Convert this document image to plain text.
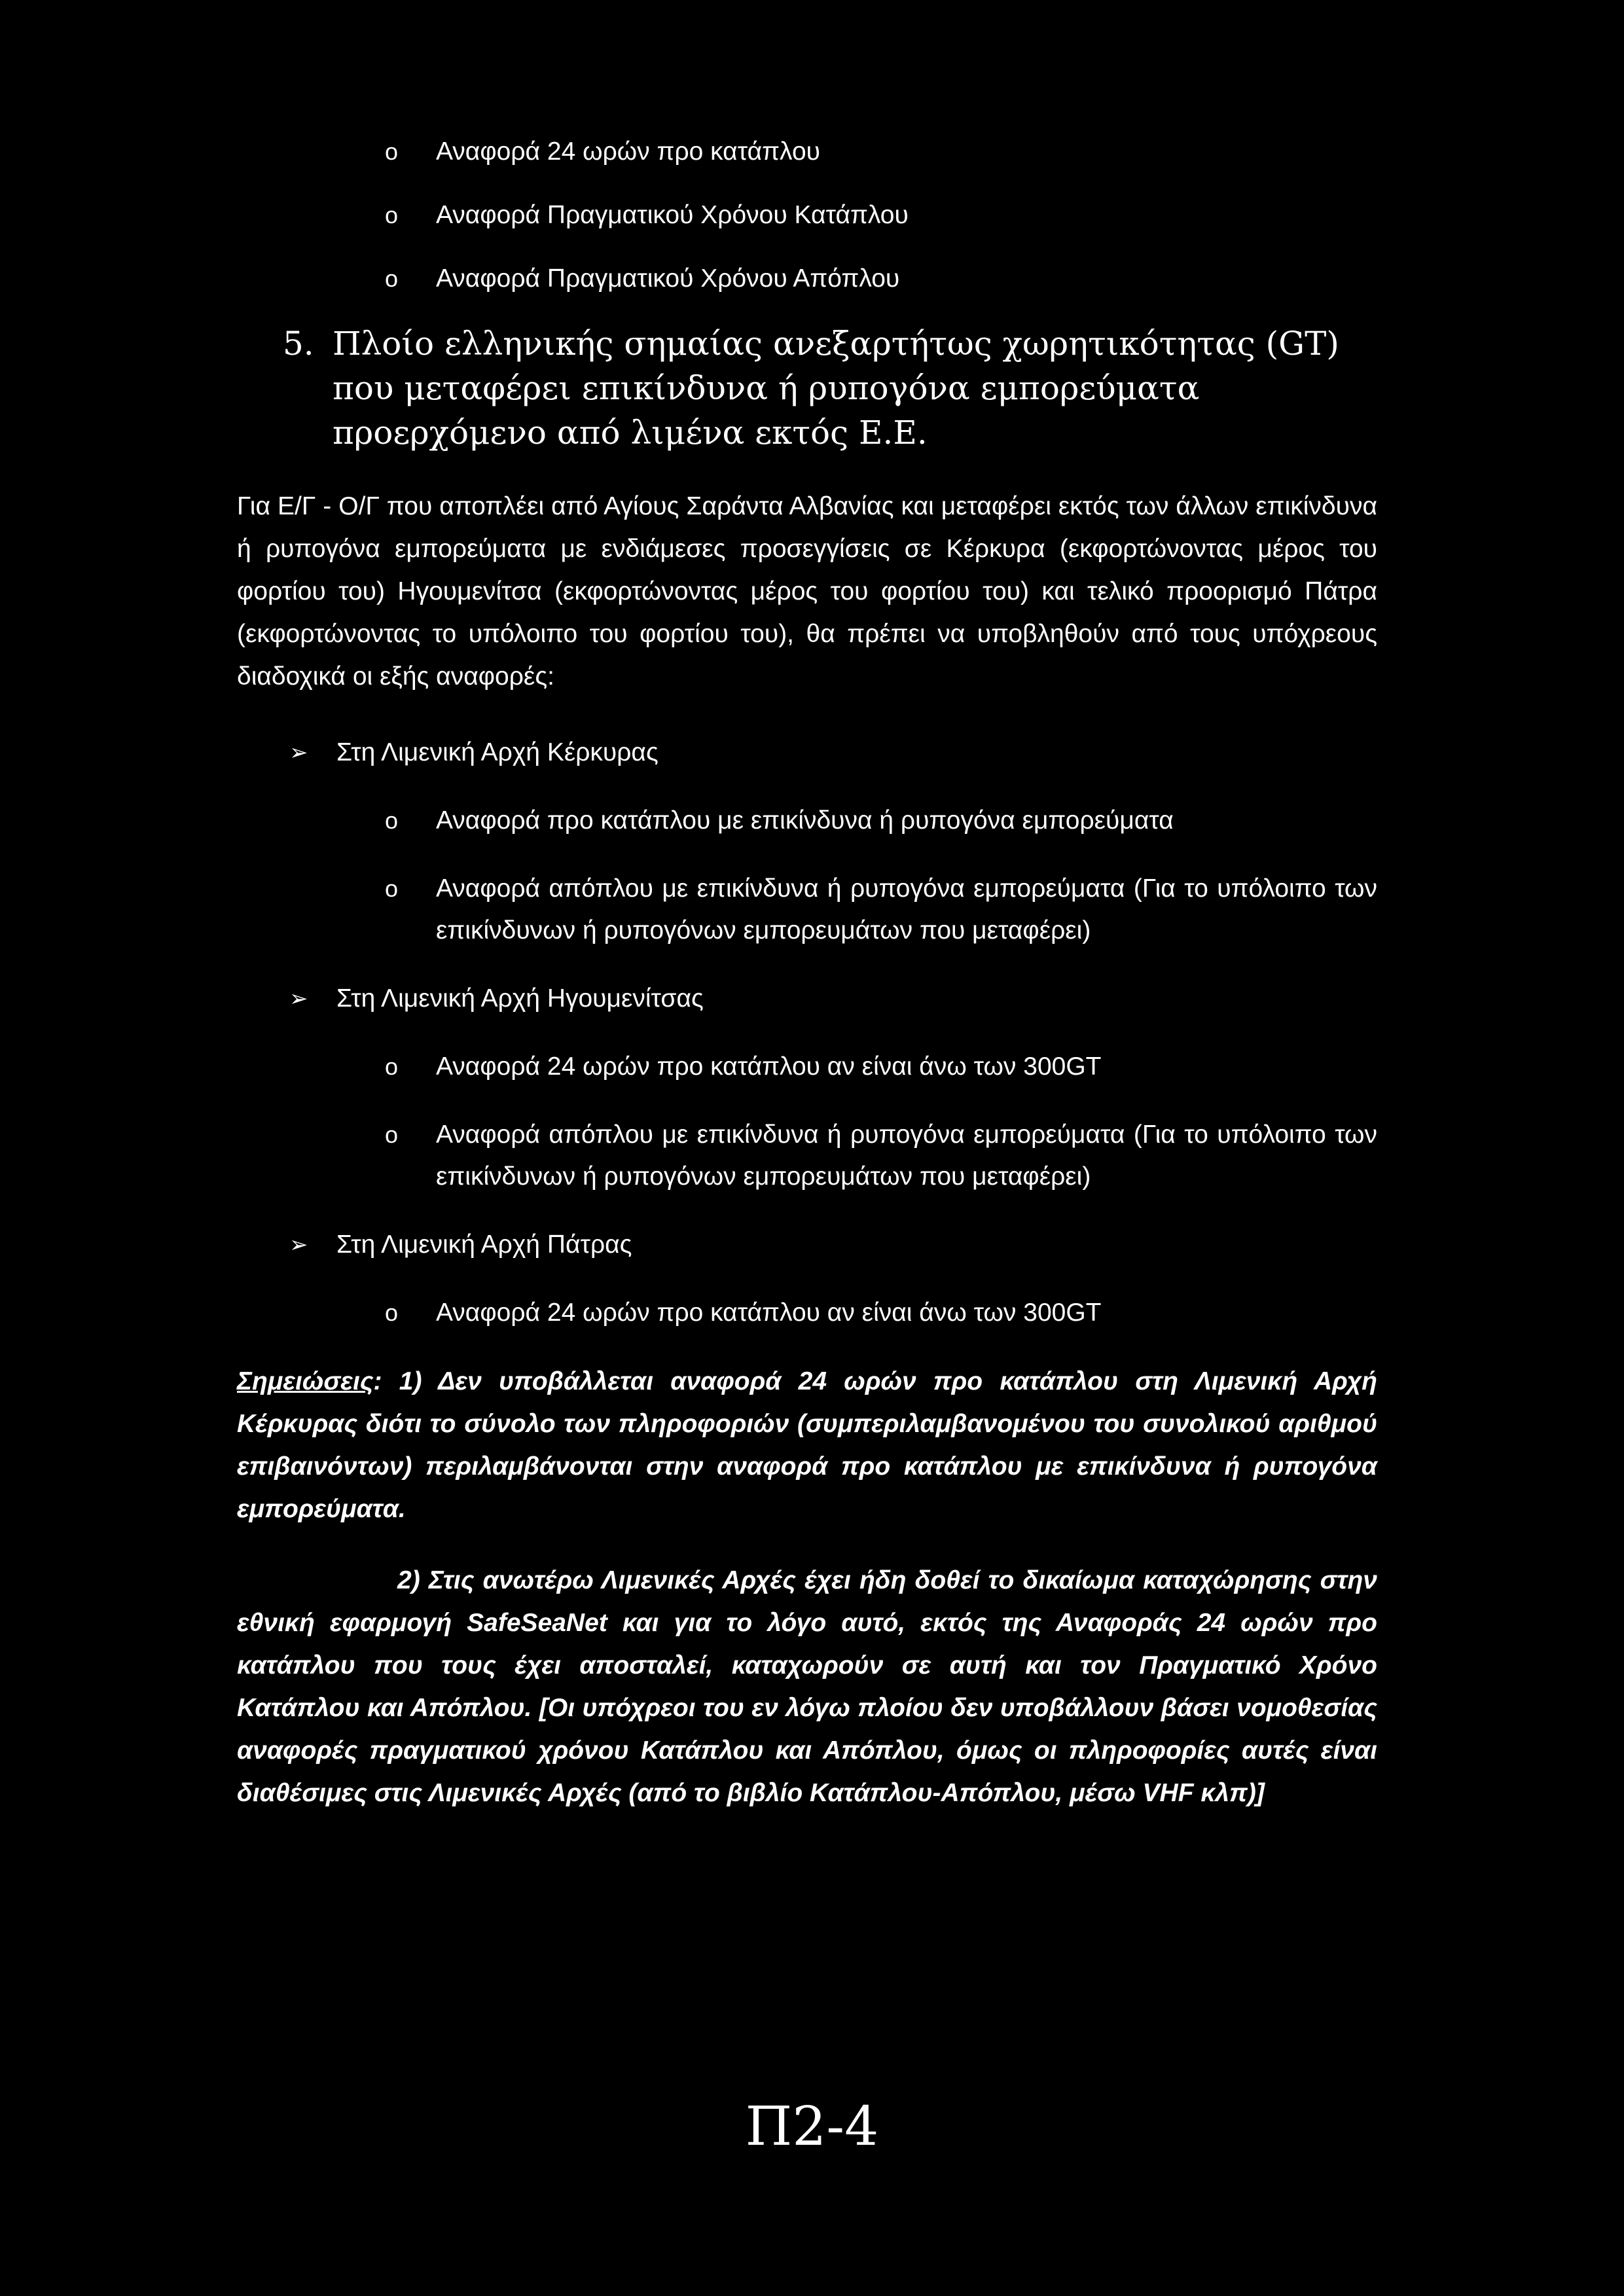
o Αναφορά 24 ωρών προ κατάπλου
o Αναφορά Πραγματικού Χρόνου Κατάπλου
o Αναφορά Πραγματικού Χρόνου Απόπλου
5. Πλοίο ελληνικής σημαίας ανεξαρτήτως χωρητικότητας (GT)
που μεταφέρει επικίνδυνα ή ρυπογόνα εμπορεύματα
προερχόμενο από λιμένα εκτός Ε.Ε.
Για Ε/Γ - Ο/Γ που αποπλέει από Αγίους Σαράντα Αλβανίας και μεταφέρει εκτός των άλλων επικίνδυνα ή ρυπογόνα εμπορεύματα με ενδιάμεσες προσεγγίσεις σε Κέρκυρα (εκφορτώνοντας μέρος του φορτίου του) Ηγουμενίτσα (εκφορτώνοντας μέρος του φορτίου του) και τελικό προορισμό Πάτρα (εκφορτώνοντας το υπόλοιπο του φορτίου του), θα πρέπει να υποβληθούν από τους υπόχρεους διαδοχικά οι εξής αναφορές:
➢ Στη Λιμενική Αρχή Κέρκυρας
o Αναφορά προ κατάπλου με επικίνδυνα ή ρυπογόνα εμπορεύματα
o Αναφορά απόπλου με επικίνδυνα ή ρυπογόνα εμπορεύματα (Για το υπόλοιπο των επικίνδυνων ή ρυπογόνων εμπορευμάτων που μεταφέρει)
➢ Στη Λιμενική Αρχή Ηγουμενίτσας
o Αναφορά 24 ωρών προ κατάπλου αν είναι άνω των 300GT
o Αναφορά απόπλου με επικίνδυνα ή ρυπογόνα εμπορεύματα (Για το υπόλοιπο των επικίνδυνων ή ρυπογόνων εμπορευμάτων που μεταφέρει)
➢ Στη Λιμενική Αρχή Πάτρας
o Αναφορά 24 ωρών προ κατάπλου αν είναι άνω των 300GT

Σημειώσεις: 1) Δεν υποβάλλεται αναφορά 24 ωρών προ κατάπλου στη Λιμενική Αρχή Κέρκυρας διότι το σύνολο των πληροφοριών (συμπεριλαμβανομένου του συνολικού αριθμού επιβαινόντων) περιλαμβάνονται στην αναφορά προ κατάπλου με επικίνδυνα ή ρυπογόνα εμπορεύματα.

2) Στις ανωτέρω Λιμενικές Αρχές έχει ήδη δοθεί το δικαίωμα καταχώρησης στην εθνική εφαρμογή SafeSeaNet και για το λόγο αυτό, εκτός της Αναφοράς 24 ωρών προ κατάπλου που τους έχει αποσταλεί, καταχωρούν σε αυτή και τον Πραγματικό Χρόνο Κατάπλου και Απόπλου. [Οι υπόχρεοι του εν λόγω πλοίου δεν υποβάλλουν βάσει νομοθεσίας αναφορές πραγματικού χρόνου Κατάπλου και Απόπλου, όμως οι πληροφορίες αυτές είναι διαθέσιμες στις Λιμενικές Αρχές (από το βιβλίο Κατάπλου-Απόπλου, μέσω VHF κλπ)]

Π2-4
